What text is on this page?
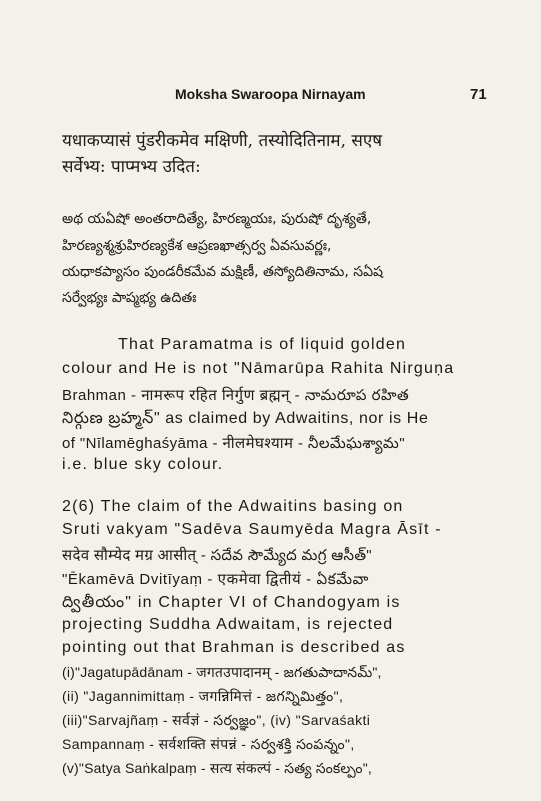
Moksha Swaroopa Nirnayam	71
यधाकप्यासं पुंडरीकमेव मक्षिणी, तस्योदितिनाम, सएष
सर्वेभ्य: पाप्मभ्य उदित:
అథ యఏషో అంతరాదిత్యే, హిరణ్మయః, పురుషో దృశ్యతే,
హిరణ్యశ్మశ్రుహిరణ్యకేశ ఆప్రణఖాత్సర్వ ఏవసువర్ణః,
యధాకప్యాసం పుండరీకమేవ మక్షిణీ, తస్యోదితినామ, సఏష
సర్వేభ్యః పాప్మభ్య ఉదితః
That Paramatma is of liquid golden
colour and He is not "Nāmarūpa Rahita Nirguṇa
Brahman - नामरूप रहित निर्गुण ब्रह्मन् - నామరూప రహిత
నిర్గుణ బ్రహ్మన్" as claimed by Adwaitins, nor is He
of "Nīlamēghaśyāma - नीलमेघश्याम - నీలమేఘశ్యామ"
i.e. blue sky colour.
2(6) The claim of the Adwaitins basing on
Sruti vakyam "Sadēva Saumyēda Magra Āsīt -
सदेव सौम्येद मग्र आसीत् - సదేవ సౌమ్యేద మగ్ర ఆసీత్"
"Ēkamēvā Dvitīyaṃ - एकमेवा द्वितीयं - ఏకమేవా
ద్వితీయం" in Chapter VI of Chandogyam is
projecting Suddha Adwaitam, is rejected
pointing out that Brahman is described as
(i)"Jagatupādānam - जगतउपादानम् - జగతుపాదానమ్",
(ii) "Jagannimittaṃ - जगन्निमित्तं - జగన్నిమిత్తం",
(iii)"Sarvajñaṃ - सर्वज्ञं - సర్వజ్ఞం", (iv) "Sarvaśakti
Sampannaṃ - सर्वशक्ति संपन्नं - సర్వశక్తి సంపన్నం",
(v)"Satya Saṅkalpaṃ - सत्य संकल्पं - సత్య సంకల్పం",
